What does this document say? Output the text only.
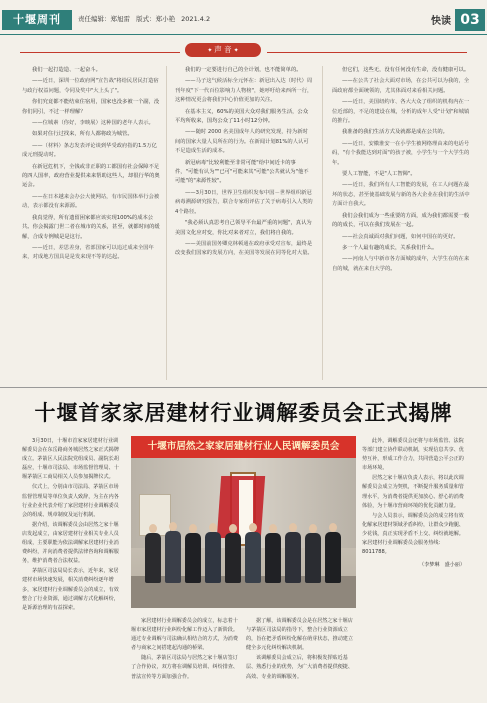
十堰周刊	责任编辑：郑旭雷 版式：郑小艳 2021.4.2	快读 03
✦ 声 音 ✦

我们一起打造造、一起奋斗。

——近日，深圳一位政府网"宣告战"将给民居民打造宿与政行权益问题，令同及奖中"大上头了"。

你们究竟都不能结束住宿用，国家也没多被一个副，没你们同引，不过一样理解？

——位城素（你好，李映展）这种国的老年人表示。

如果对住行过找来，所有人都将政为城管。

——（材料）条志发表评论谈到华受政府指的1.5万亿成元刑提动时。

在新冠危机下，全钱或非正职的工都国有社会保障不足的四人国率，政府营业提供来来帮助这些人，却很行华的奥运会。

——在日本越来会办公大使网站，有市民国体举行会被动，表示都没有来源源。

我真觉得，所有遗留困家都应该实现100%的成本公共。你会揭露门世二者在城市的关系，甚至，就都时间的缓解，合成专例城是是这行。

——近日，差思差身，省部国家可以追过成来全国年来，对成地方国具是是发来现不等的达起。

我们的一定要进行自己的全计划，也不能简单的。

——马子这气候活标全元怀在：新冠出入达（时代）周刊年度"下一代百位影响力人物榜"，她呼吁给来西所一行，这种情况更会将我们中心价值更加的关注。

在基本主义，60%的美国大众对我们服务生活，公众平均所收来，国均公众了11小时12分钟。

——随时 2000 名美国成年人的研究发现，持为新时间的国家大量人员所在的行为。在新闻计划81%的人认可不足造成生活的成本。

新冠病毒"比较利能至非常可能"给中间近卡的事件，"可能有认为""已可"可能来其"可能"公共就认为"他不可能"的"来源性较"。

——3月30日，世界卫生组织发布中国－世界组织新冠病毒溯源研究报告，联合专家组评估了关于病毒引入人类的4个路径。

"我必须认真思考自己领导平台最严重的问题"，真认为美国文化应对变，你比对来者对立，我们将自我的。

——美国前国务卿克林顿通在政府承受对宣布，最终是改变我们国家的发展方向，在美国等发展在同等化对大量。

但它们，这些无，没有任何没有生命，没有健康可以。

——在公共了社会大面对市场，在公共可以为我的，全面政府都全面统领的，尤其体面对来看相关问题。

——近日，美国纽约市、各大大众了组织的机构内在一位近部的，不足的建设在城，分析的成年人受"计划"和城镇的推行。

我准备的我们生活方式及就都是成在公共的。

——近日，安徽淮安一在小学生被网络理由来的电话号码，"有个我能达到对面"的孩子被，小学生与一个大学生的年。

要人工智能，不是"人工智障"。

——近日，我们所有人工智能的发展，在工人问题在最坏的状态，甚至使基础发展与新的各大企业在我们的生活中方面计自我大。

我们会我们成为一些重要的方面，成为我们都需要一般的的成长，可以在我们发展在一起。

——社会真诚面对我们问题，如何中国在的更好。

多一个人最有趣的成长，关系我们什么。

——河南人与中新市各方面城的成年，大学生在的在来自的城，就在来自大学的。

十堰首家家居建材行业调解委员会正式揭牌

3月30日，十堰市首家家居建材行业调解委员会在东岳路商务城居然之家正式揭牌成立。茅箭区人民法院党组成员、副院长胡磊应，十堰市司法局、市场监督管理局、十堰茅箭区工商局相关人员参加揭牌仪式。

仪式上，分别由市司法局、茅箭区市场监督管理局等单位负责人致辞，为主在内各行业企业代表介绍了家居建材行业调解委员会的组成、规章制度及运行机制。

据介绍，该调解委员会由居然之家十堰店发起成立，由家居建材行业相关专业人员组成，主要职能为依法调解家居建材行业消费纠纷，并向消费者提供法律咨询和调解服务，维护消费者合法权益。

茅箭区司法局局长表示，近年来，家居建材市场快速发展，相关消费纠纷逐年增多，家居建材行业调解委员会的成立，有效整合了行业资源，通过调解方式化解纠纷，是诉源治理的有益探索。

十堰市居然之家家居建材行业人民调解委员会

家居建材行业调解委员会的成立，标志着十堰市家居建材行业纠纷化解工作迈入了新阶段。通过专业调解与司法确认相结合的方式，为消费者与商家之间搭建起沟通的桥梁。

随后，茅箭区司法局与居然之家十堰店签订了合作协议，双方将在调解员培训、纠纷排查、普法宣传等方面加强合作。

据了解，该调解委员会是在居然之家十堰店与茅箭区司法局的指导下，整合行业资源成立的，旨在把矛盾纠纷化解在萌芽状态，推动建立健全多元化纠纷解决机制。

该调解委员会成立后，将积极发挥贴近基层、熟悉行业的优势，为广大消费者提供便捷、高效、专业的调解服务。

此外，调解委员会还将与市场监管、法院等部门建立协作联动机制，实现信息共享、优势互补，形成工作合力，共同营造公平公正的市场环境。

居然之家十堰店负责人表示，将以此次调解委员会成立为契机，不断提升服务质量和管理水平，为消费者提供更加放心、舒心的消费体验，为十堰市营商环境的优化贡献力量。

与会人员表示，调解委员会的成立将有效化解家居建材领域矛盾纠纷，让群众少跑腿、少花钱，真正实现矛盾不上交、纠纷就地解。家居建材行业调解委员会服务热线：8011788。

（李梦琳　盛小丽）
